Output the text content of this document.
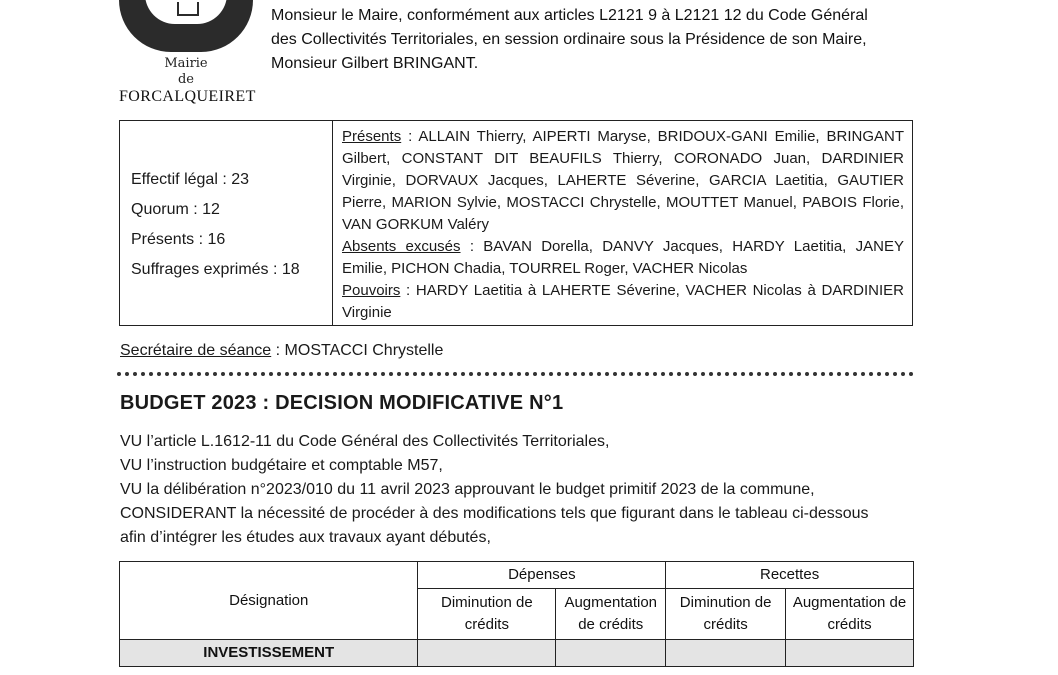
Mairie
de
FORCALQUEIRET
Monsieur le Maire, conformément aux articles L2121 9 à L2121 12 du Code Général
des Collectivités Territoriales, en session ordinaire sous la Présidence de son Maire,
Monsieur Gilbert BRINGANT.
Effectif légal : 23
Quorum : 12
Présents : 16
Suffrages exprimés : 18
Présents : ALLAIN Thierry, AIPERTI Maryse, BRIDOUX-GANI Emilie, BRINGANT Gilbert, CONSTANT DIT BEAUFILS Thierry, CORONADO Juan, DARDINIER Virginie, DORVAUX Jacques, LAHERTE Séverine, GARCIA Laetitia, GAUTIER Pierre, MARION Sylvie, MOSTACCI Chrystelle, MOUTTET Manuel, PABOIS Florie, VAN GORKUM Valéry
Absents excusés : BAVAN Dorella, DANVY Jacques, HARDY Laetitia, JANEY Emilie, PICHON Chadia, TOURREL Roger, VACHER Nicolas
Pouvoirs : HARDY Laetitia à LAHERTE Séverine, VACHER Nicolas à DARDINIER Virginie
Secrétaire de séance : MOSTACCI Chrystelle
BUDGET 2023 : DECISION MODIFICATIVE N°1
VU l’article L.1612-11 du Code Général des Collectivités Territoriales,
VU l’instruction budgétaire et comptable M57,
VU la délibération n°2023/010 du 11 avril 2023 approuvant le budget primitif 2023 de la commune,
CONSIDERANT la nécessité de procéder à des modifications tels que figurant dans le tableau ci-dessous
afin d’intégrer les études aux travaux ayant débutés,
Désignation	Dépenses		Recettes	
	Diminution de crédits	Augmentation de crédits	Diminution de crédits	Augmentation de crédits
INVESTISSEMENT				
